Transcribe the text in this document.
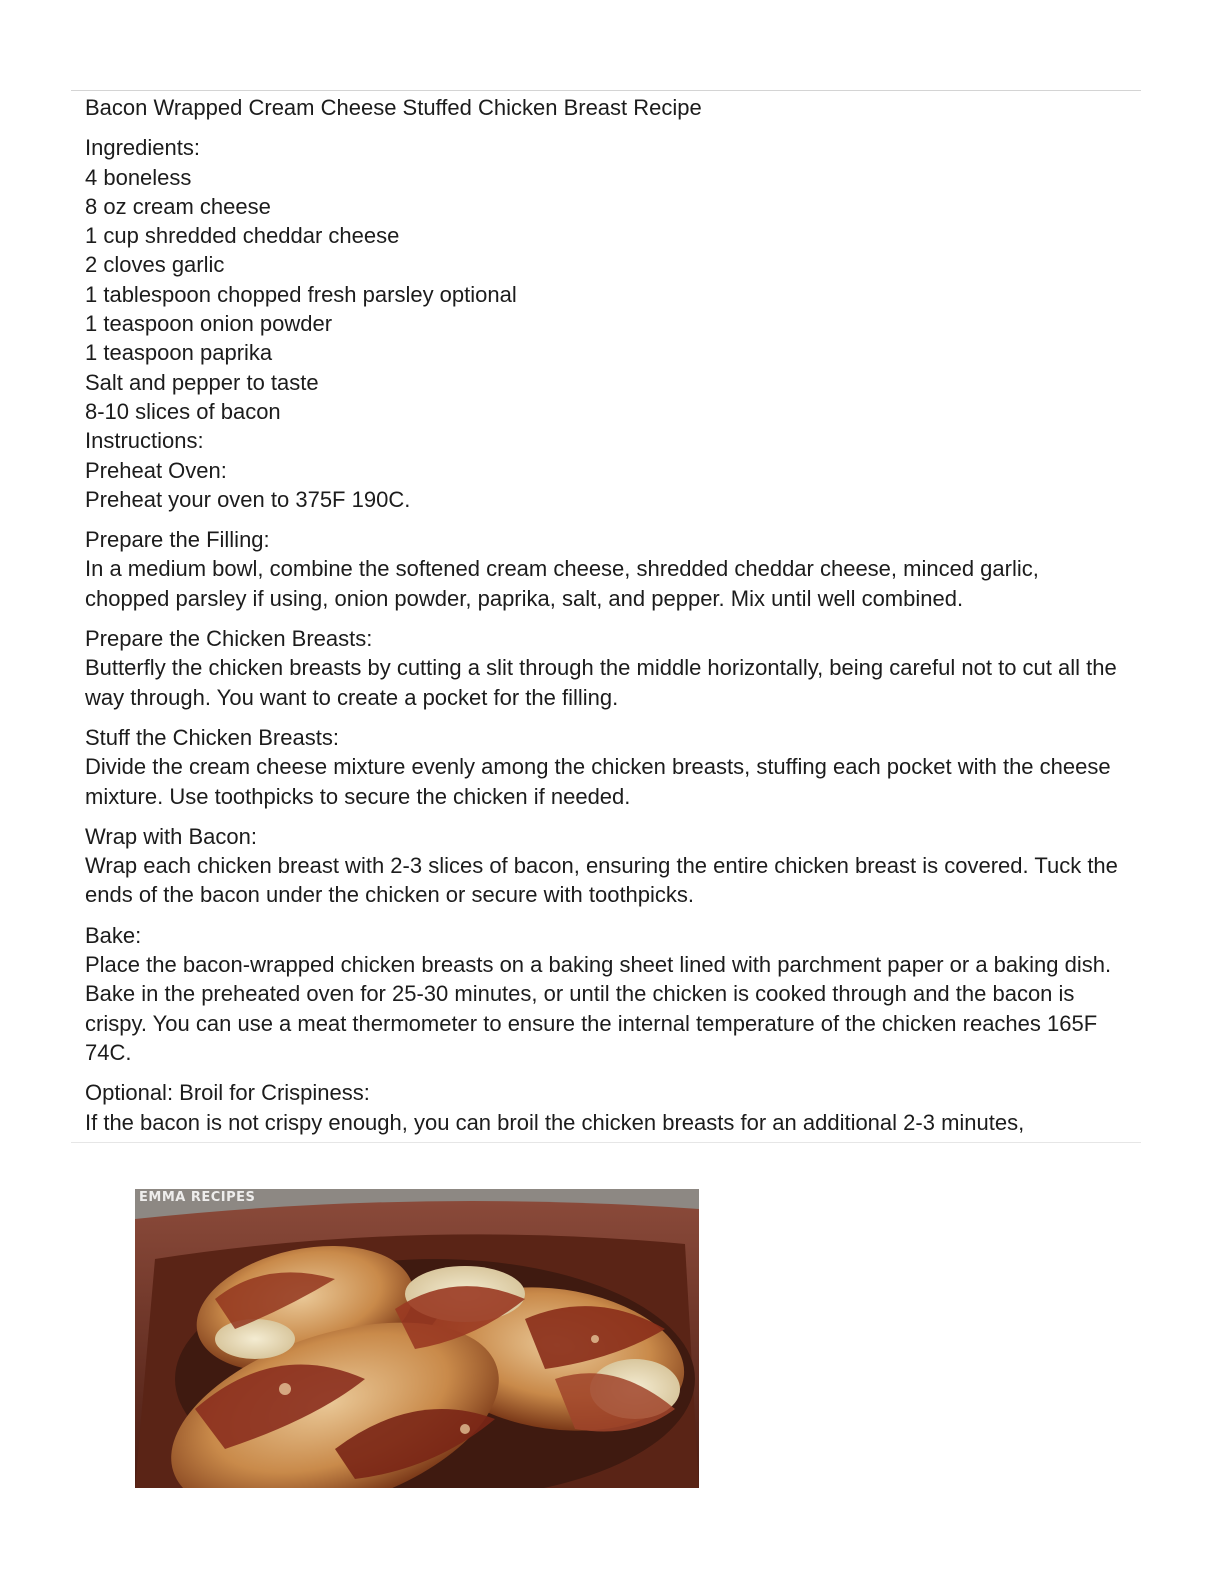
Bacon Wrapped Cream Cheese Stuffed Chicken Breast Recipe
Ingredients:
4 boneless
8 oz cream cheese
1 cup shredded cheddar cheese
2 cloves garlic
1 tablespoon chopped fresh parsley optional
1 teaspoon onion powder
1 teaspoon paprika
Salt and pepper to taste
8-10 slices of bacon
Instructions:
Preheat Oven:
Preheat your oven to 375F 190C.
Prepare the Filling:
In a medium bowl, combine the softened cream cheese, shredded cheddar cheese, minced garlic, chopped parsley if using, onion powder, paprika, salt, and pepper. Mix until well combined.
Prepare the Chicken Breasts:
Butterfly the chicken breasts by cutting a slit through the middle horizontally, being careful not to cut all the way through. You want to create a pocket for the filling.
Stuff the Chicken Breasts:
Divide the cream cheese mixture evenly among the chicken breasts, stuffing each pocket with the cheese mixture. Use toothpicks to secure the chicken if needed.
Wrap with Bacon:
Wrap each chicken breast with 2-3 slices of bacon, ensuring the entire chicken breast is covered. Tuck the ends of the bacon under the chicken or secure with toothpicks.
Bake:
Place the bacon-wrapped chicken breasts on a baking sheet lined with parchment paper or a baking dish. Bake in the preheated oven for 25-30 minutes, or until the chicken is cooked through and the bacon is crispy. You can use a meat thermometer to ensure the internal temperature of the chicken reaches 165F 74C.
Optional: Broil for Crispiness:
If the bacon is not crispy enough, you can broil the chicken breasts for an additional 2-3 minutes,
EMMA RECIPES
